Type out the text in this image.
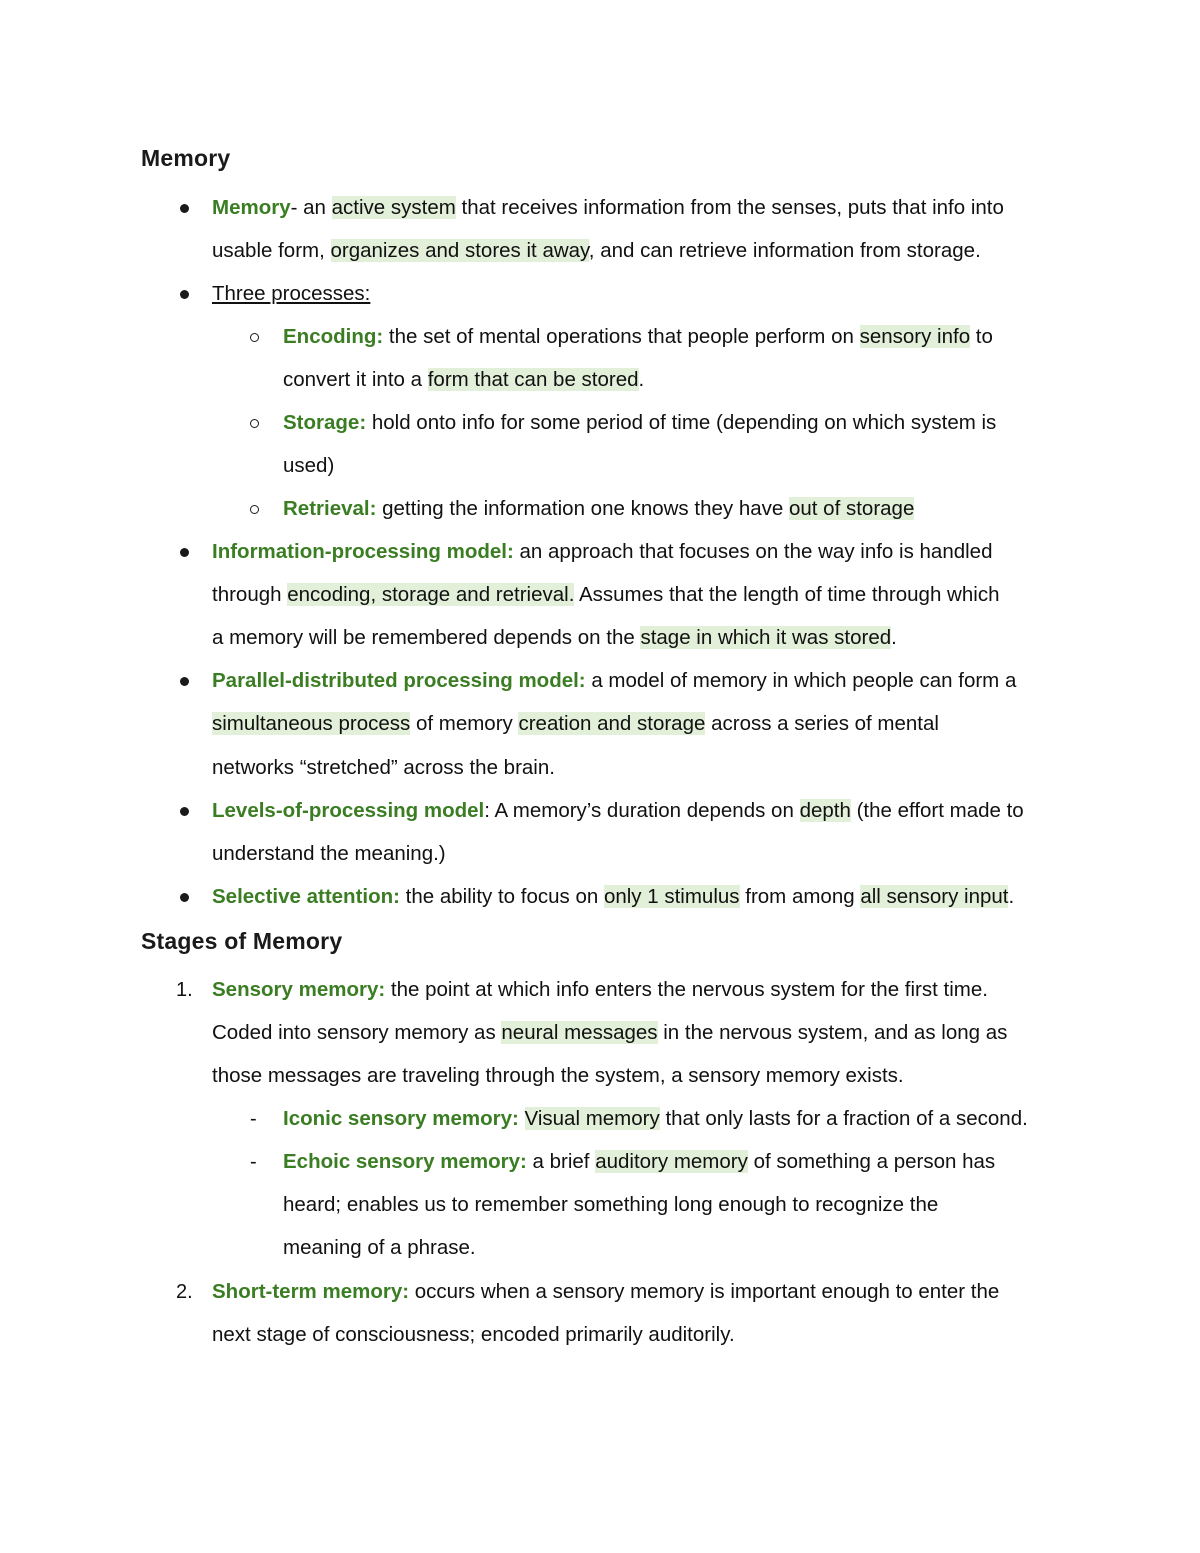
Memory

Memory- an active system that receives information from the senses, puts that info into

usable form, organizes and stores it away, and can retrieve information from storage.

Three processes:

Encoding: the set of mental operations that people perform on sensory info to

convert it into a form that can be stored.

Storage: hold onto info for some period of time (depending on which system is

used)

Retrieval: getting the information one knows they have out of storage

Information-processing model: an approach that focuses on the way info is handled

through encoding, storage and retrieval. Assumes that the length of time through which

a memory will be remembered depends on the stage in which it was stored.

Parallel-distributed processing model: a model of memory in which people can form a

simultaneous process of memory creation and storage across a series of mental

networks “stretched” across the brain.

Levels-of-processing model: A memory’s duration depends on depth (the effort made to

understand the meaning.)

Selective attention: the ability to focus on only 1 stimulus from among all sensory input.

Stages of Memory
1. Sensory memory: the point at which info enters the nervous system for the first time.

Coded into sensory memory as neural messages in the nervous system, and as long as

those messages are traveling through the system, a sensory memory exists.

- Iconic sensory memory: Visual memory that only lasts for a fraction of a second.

- Echoic sensory memory: a brief auditory memory of something a person has

heard; enables us to remember something long enough to recognize the

meaning of a phrase.

2. Short-term memory: occurs when a sensory memory is important enough to enter the

next stage of consciousness; encoded primarily auditorily.
